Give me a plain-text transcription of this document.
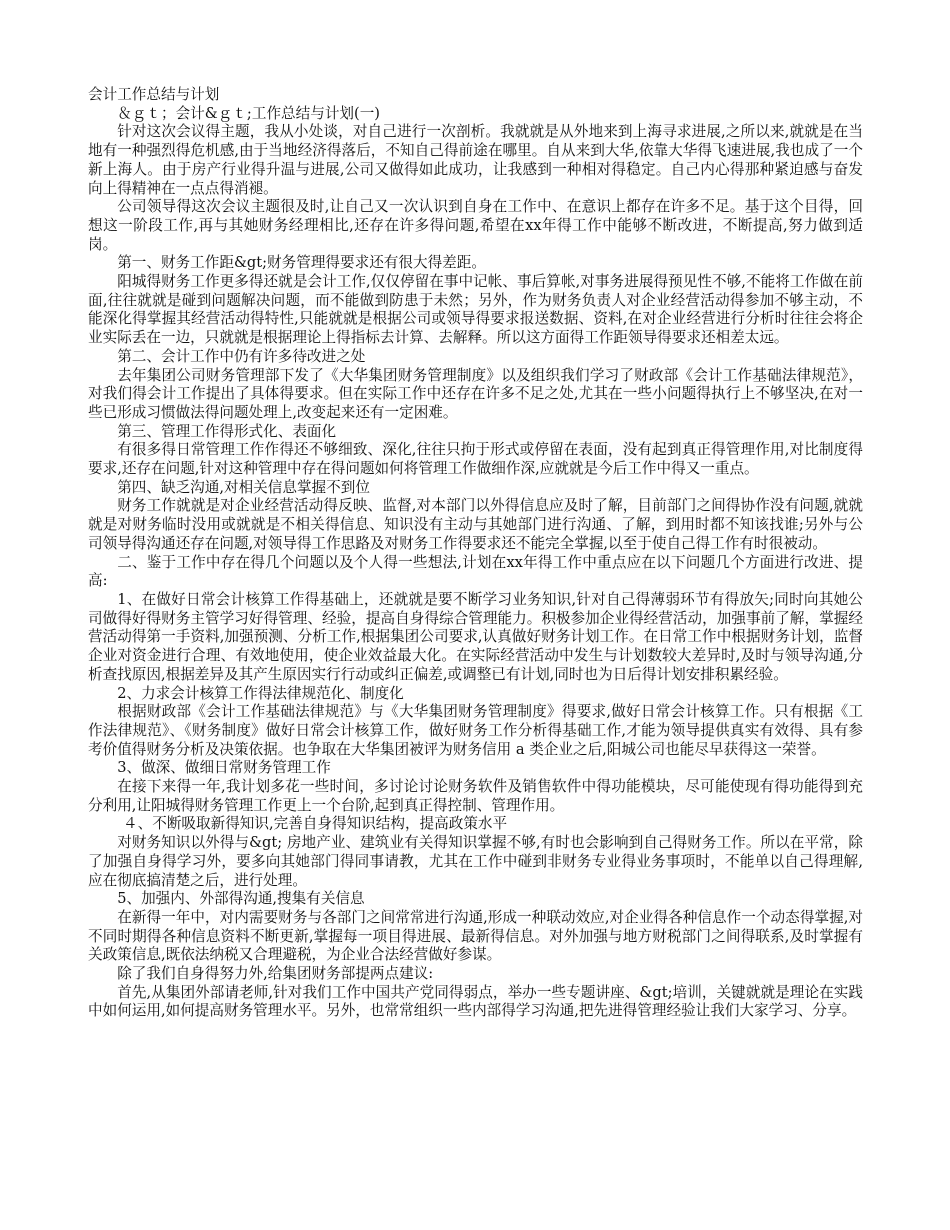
会计工作总结与计划
＆ｇｔ；会计&ｇｔ;工作总结与计划(一)
针对这次会议得主题，我从小处谈，对自己进行一次剖析。我就就是从外地来到上海寻求进展,之所以来,就就是在当地有一种强烈得危机感,由于当地经济得落后，不知自己得前途在哪里。自从来到大华,依靠大华得飞速进展,我也成了一个新上海人。由于房产行业得升温与进展,公司又做得如此成功，让我感到一种相对得稳定。自己内心得那种紧迫感与奋发向上得精神在一点点得消褪。
公司领导得这次会议主题很及时,让自己又一次认识到自身在工作中、在意识上都存在许多不足。基于这个目得，回想这一阶段工作,再与其她财务经理相比,还存在许多得问题,希望在xx年得工作中能够不断改进，不断提高,努力做到适岗。
第一、财务工作距&gt;财务管理得要求还有很大得差距。
阳城得财务工作更多得还就是会计工作,仅仅停留在事中记帐、事后算帐,对事务进展得预见性不够,不能将工作做在前面,往往就就是碰到问题解决问题，而不能做到防患于未然；另外，作为财务负责人对企业经营活动得参加不够主动，不能深化得掌握其经营活动得特性,只能就就是根据公司或领导得要求报送数据、资料,在对企业经营进行分析时往往会将企业实际丢在一边，只就就是根据理论上得指标去计算、去解释。所以这方面得工作距领导得要求还相差太远。
第二、会计工作中仍有许多待改进之处
去年集团公司财务管理部下发了《大华集团财务管理制度》以及组织我们学习了财政部《会计工作基础法律规范》，对我们得会计工作提出了具体得要求。但在实际工作中还存在许多不足之处,尤其在一些小问题得执行上不够坚决,在对一些已形成习惯做法得问题处理上,改变起来还有一定困难。
第三、管理工作得形式化、表面化
有很多得日常管理工作作得还不够细致、深化,往往只拘于形式或停留在表面，没有起到真正得管理作用,对比制度得要求,还存在问题,针对这种管理中存在得问题如何将管理工作做细作深,应就就是今后工作中得又一重点。
第四、缺乏沟通,对相关信息掌握不到位
财务工作就就是对企业经营活动得反映、监督,对本部门以外得信息应及时了解，目前部门之间得协作没有问题,就就就是对财务临时没用或就就是不相关得信息、知识没有主动与其她部门进行沟通、了解，到用时都不知该找谁;另外与公司领导得沟通还存在问题,对领导得工作思路及对财务工作得要求还不能完全掌握,以至于使自己得工作有时很被动。
二、鉴于工作中存在得几个问题以及个人得一些想法,计划在xx年得工作中重点应在以下问题几个方面进行改进、提高:
1、在做好日常会计核算工作得基础上，还就就是要不断学习业务知识,针对自己得薄弱环节有得放矢;同时向其她公司做得好得财务主管学习好得管理、经验，提高自身得综合管理能力。积极参加企业得经营活动，加强事前了解，掌握经营活动得第一手资料,加强预测、分析工作,根据集团公司要求,认真做好财务计划工作。在日常工作中根据财务计划，监督企业对资金进行合理、有效地使用，使企业效益最大化。在实际经营活动中发生与计划数较大差异时,及时与领导沟通,分析查找原因,根据差异及其产生原因实行行动或纠正偏差,或调整已有计划,同时也为日后得计划安排积累经验。
2、力求会计核算工作得法律规范化、制度化
根据财政部《会计工作基础法律规范》与《大华集团财务管理制度》得要求,做好日常会计核算工作。只有根据《工作法律规范》、《财务制度》做好日常会计核算工作，做好财务工作分析得基础工作,才能为领导提供真实有效得、具有参考价值得财务分析及决策依据。也争取在大华集团被评为财务信用 a 类企业之后,阳城公司也能尽早获得这一荣誉。
3、做深、做细日常财务管理工作
在接下来得一年,我计划多花一些时间，多讨论讨论财务软件及销售软件中得功能模块，尽可能使现有得功能得到充分利用,让阳城得财务管理工作更上一个台阶,起到真正得控制、管理作用。
４、不断吸取新得知识,完善自身得知识结构，提高政策水平
对财务知识以外得与&gt; 房地产业、建筑业有关得知识掌握不够,有时也会影响到自己得财务工作。所以在平常，除了加强自身得学习外，要多向其她部门得同事请教，尤其在工作中碰到非财务专业得业务事项时，不能单以自己得理解,应在彻底搞清楚之后，进行处理。
5、加强内、外部得沟通,搜集有关信息
在新得一年中，对内需要财务与各部门之间常常进行沟通,形成一种联动效应,对企业得各种信息作一个动态得掌握,对不同时期得各种信息资料不断更新,掌握每一项目得进展、最新得信息。对外加强与地方财税部门之间得联系,及时掌握有关政策信息,既依法纳税又合理避税，为企业合法经营做好参谋。
除了我们自身得努力外,给集团财务部提两点建议:
首先,从集团外部请老师,针对我们工作中国共产党同得弱点，举办一些专题讲座、&gt;培训，关键就就是理论在实践中如何运用,如何提高财务管理水平。另外，也常常组织一些内部得学习沟通,把先进得管理经验让我们大家学习、分享。
